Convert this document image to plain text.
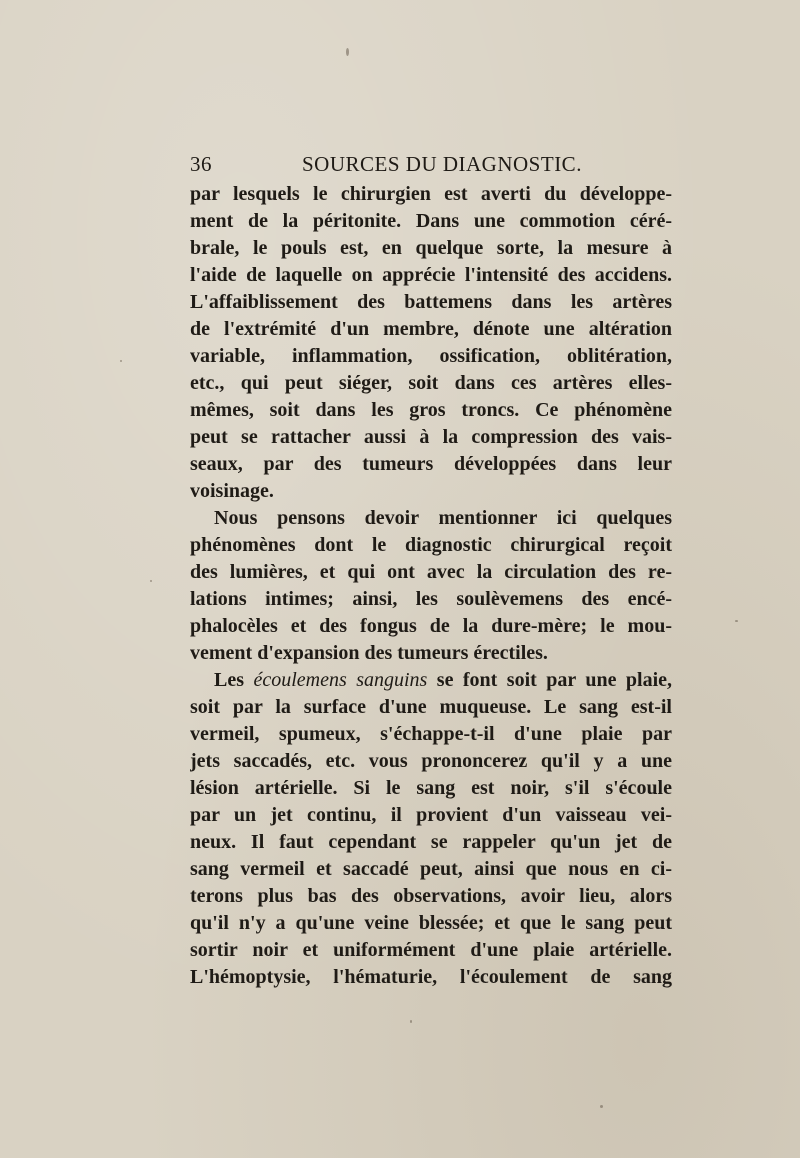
36	SOURCES DU DIAGNOSTIC.
par lesquels le chirurgien est averti du développe-
ment de la péritonite. Dans une commotion céré-
brale, le pouls est, en quelque sorte, la mesure à
l'aide de laquelle on apprécie l'intensité des accidens.
L'affaiblissement des battemens dans les artères
de l'extrémité d'un membre, dénote une altération
variable, inflammation, ossification, oblitération,
etc., qui peut siéger, soit dans ces artères elles-
mêmes, soit dans les gros troncs. Ce phénomène
peut se rattacher aussi à la compression des vais-
seaux, par des tumeurs développées dans leur
voisinage.
Nous pensons devoir mentionner ici quelques
phénomènes dont le diagnostic chirurgical reçoit
des lumières, et qui ont avec la circulation des re-
lations intimes; ainsi, les soulèvemens des encé-
phalocèles et des fongus de la dure-mère; le mou-
vement d'expansion des tumeurs érectiles.
Les écoulemens sanguins se font soit par une plaie,
soit par la surface d'une muqueuse. Le sang est-il
vermeil, spumeux, s'échappe-t-il d'une plaie par
jets saccadés, etc. vous prononcerez qu'il y a une
lésion artérielle. Si le sang est noir, s'il s'écoule
par un jet continu, il provient d'un vaisseau vei-
neux. Il faut cependant se rappeler qu'un jet de
sang vermeil et saccadé peut, ainsi que nous en ci-
terons plus bas des observations, avoir lieu, alors
qu'il n'y a qu'une veine blessée; et que le sang peut
sortir noir et uniformément d'une plaie artérielle.
L'hémoptysie, l'hématurie, l'écoulement de sang
